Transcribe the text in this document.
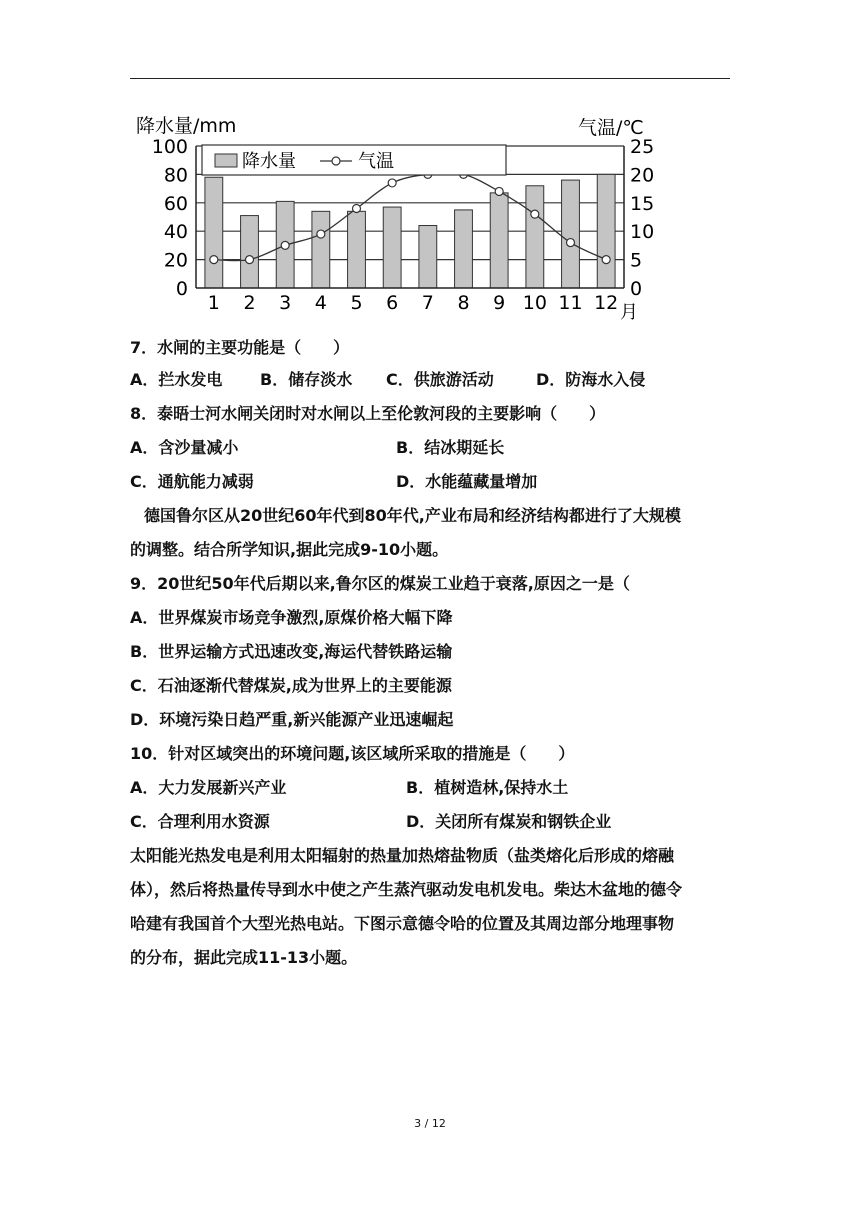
0
20
40
60
80
100
0
5
10
15
20
25
1 2 3 4 5 6 7 8 9 10 11 12
降水量	气温
降水量/mm	气温/℃
月
7．水闸的主要功能是（　　）
A．拦水发电 B．储存淡水 C．供旅游活动	D．防海水入侵
8．泰晤士河水闸关闭时对水闸以上至伦敦河段的主要影响（　　）
A．含沙量减小	B．结冰期延长
C．通航能力减弱	D．水能蕴藏量增加
德国鲁尔区从20世纪60年代到80年代,产业布局和经济结构都进行了大规模
的调整。结合所学知识,据此完成9-10小题。
9．20世纪50年代后期以来,鲁尔区的煤炭工业趋于衰落,原因之一是（
A．世界煤炭市场竞争激烈,原煤价格大幅下降
B．世界运输方式迅速改变,海运代替铁路运输
C．石油逐渐代替煤炭,成为世界上的主要能源
D．环境污染日趋严重,新兴能源产业迅速崛起
10．针对区域突出的环境问题,该区域所采取的措施是（　　）
A．大力发展新兴产业	B．植树造林,保持水土
C．合理利用水资源	D．关闭所有煤炭和钢铁企业
太阳能光热发电是利用太阳辐射的热量加热熔盐物质（盐类熔化后形成的熔融
体），然后将热量传导到水中使之产生蒸汽驱动发电机发电。柴达木盆地的德令
哈建有我国首个大型光热电站。下图示意德令哈的位置及其周边部分地理事物
的分布，据此完成11-13小题。
3 / 12
